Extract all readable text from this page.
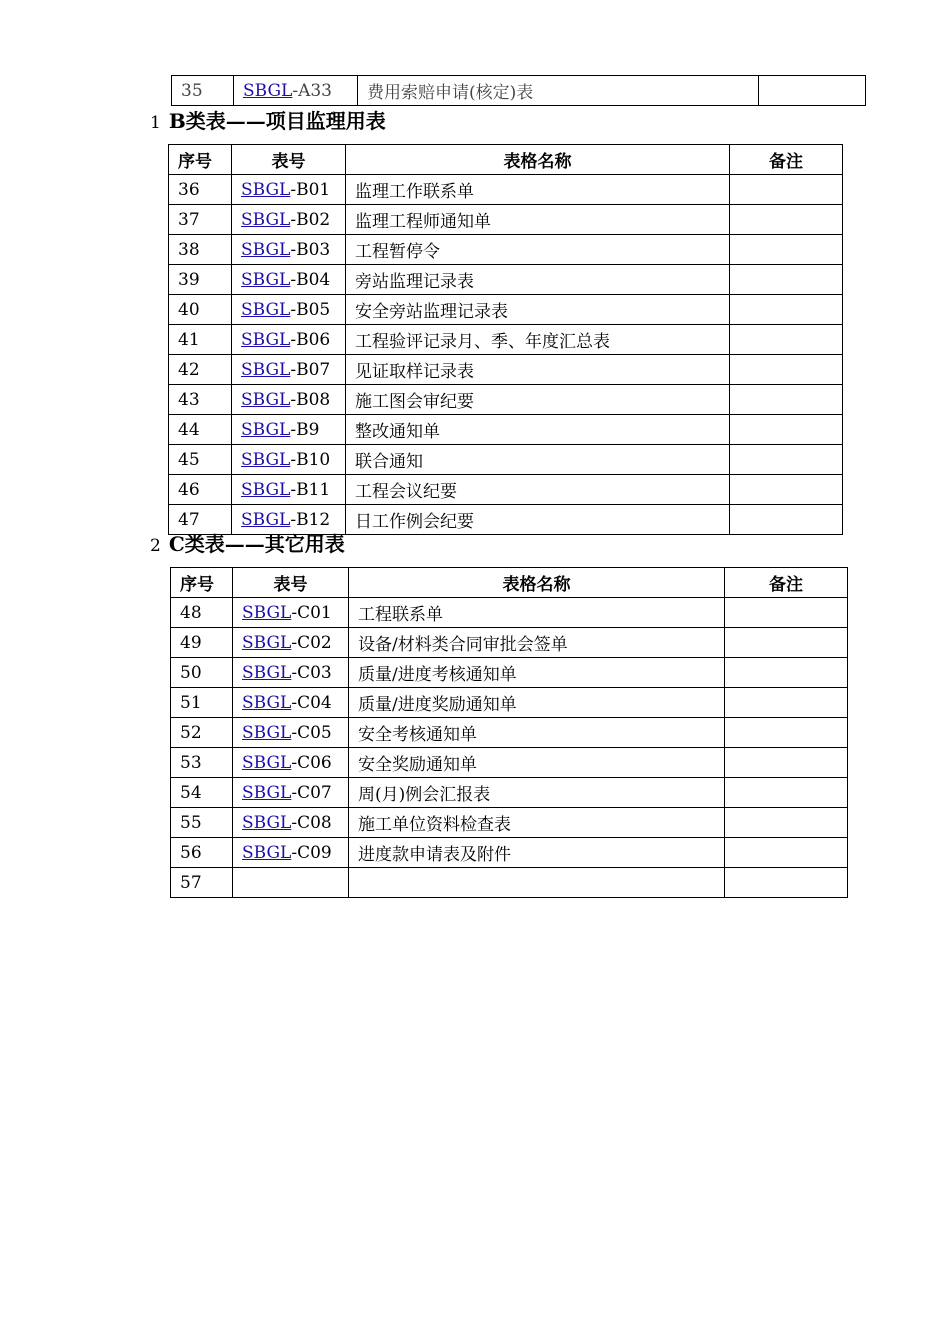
35	SBGL-A33	费用索赔申请(核定)表	
1 B类表——项目监理用表
序号	表号	表格名称	备注
36	SBGL-B01	监理工作联系单	
37	SBGL-B02	监理工程师通知单	
38	SBGL-B03	工程暂停令	
39	SBGL-B04	旁站监理记录表	
40	SBGL-B05	安全旁站监理记录表	
41	SBGL-B06	工程验评记录月、季、年度汇总表	
42	SBGL-B07	见证取样记录表	
43	SBGL-B08	施工图会审纪要	
44	SBGL-B9	整改通知单	
45	SBGL-B10	联合通知	
46	SBGL-B11	工程会议纪要	
47	SBGL-B12	日工作例会纪要	
2 C类表——其它用表
序号	表号	表格名称	备注
48	SBGL-C01	工程联系单	
49	SBGL-C02	设备/材料类合同审批会签单	
50	SBGL-C03	质量/进度考核通知单	
51	SBGL-C04	质量/进度奖励通知单	
52	SBGL-C05	安全考核通知单	
53	SBGL-C06	安全奖励通知单	
54	SBGL-C07	周(月)例会汇报表	
55	SBGL-C08	施工单位资料检查表	
56	SBGL-C09	进度款申请表及附件	
57			
